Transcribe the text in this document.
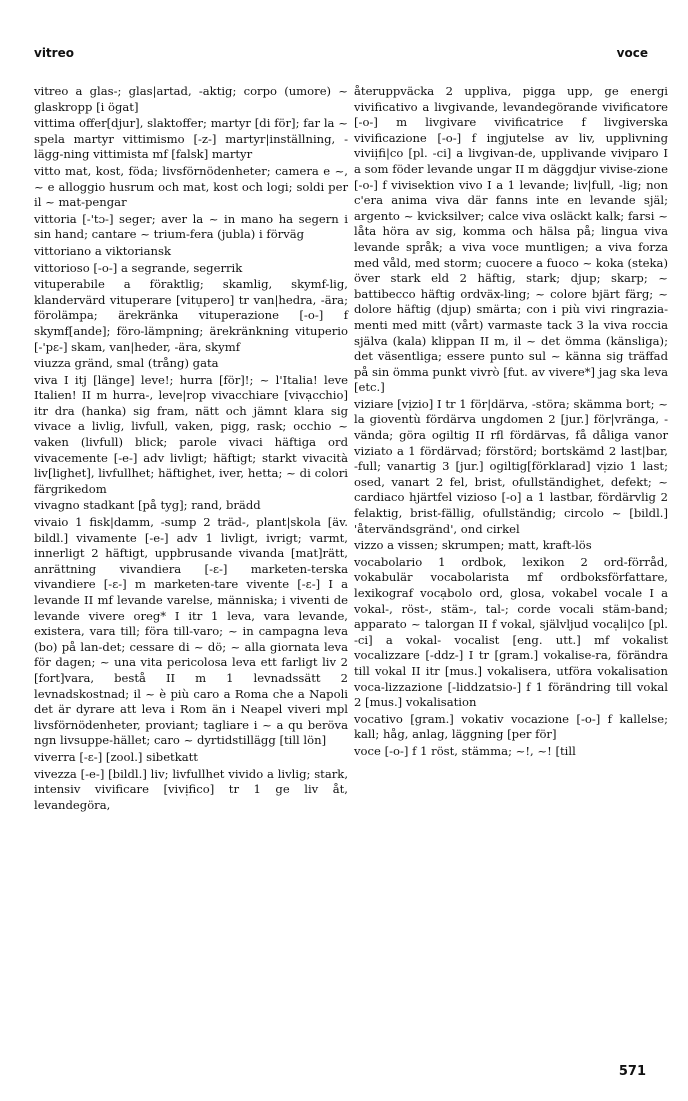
vitreo	voce

vitreo a glas-; glas|artad, -aktig; corpo (umore) ~ glaskropp [i ögat]

vittima offer[djur], slaktoffer; martyr [di för]; far la ~ spela martyr vittimismo [-z-] martyr|inställning, -lägg-ning vittimista mf [falsk] martyr

vitto mat, kost, föda; livsförnödenheter; camera e ~, ~ e alloggio husrum och mat, kost och logi; soldi per il ~ mat-pengar

vittoria [-'tɔ-] seger; aver la ~ in mano ha segern i sin hand; cantare ~ trium-fera (jubla) i förväg

vittoriano a viktoriansk

vittorioso [-o-] a segrande, segerrik

vituperabile a föraktlig; skamlig, skymf-lig, klandervärd vituperare [vitụpero] tr van|hedra, -ära; förolämpa; ärekränka vituperazione [-o-] f skymf[ande]; föro-lämpning; ärekränkning vituperio [-'pɛ-] skam, van|heder, -ära, skymf

viuzza gränd, smal (trång) gata

viva I itj [länge] leve!; hurra [för]!; ~ l'Italia! leve Italien! II m hurra-, leve|rop vivacchiare [vivạcchio] itr dra (hanka) sig fram, nätt och jämnt klara sig vivace a livlig, livfull, vaken, pigg, rask; occhio ~ vaken (livfull) blick; parole vivaci häftiga ord vivacemente [-e-] adv livligt; häftigt; starkt vivacità liv[lighet], livfullhet; häftighet, iver, hetta; ~ di colori färgrikedom

vivagno stadkant [på tyg]; rand, brädd

vivaio 1 fisk|damm, -sump 2 träd-, plant|skola [äv. bildl.] vivamente [-e-] adv 1 livligt, ivrigt; varmt, innerligt 2 häftigt, uppbrusande vivanda [mat]rätt, anrättning vivandiera [-ɛ-] marketen-terska vivandiere [-ɛ-] m marketen-tare vivente [-ɛ-] I a levande II mf levande varelse, människa; i viventi de levande vivere oreg* I itr 1 leva, vara levande, existera, vara till; föra till-varo; ~ in campagna leva (bo) på lan-det; cessare di ~ dö; ~ alla giornata leva för dagen; ~ una vita pericolosa leva ett farligt liv 2 [fort]vara, bestå II m 1 levnadssätt 2 levnadskostnad; il ~ è più caro a Roma che a Napoli det är dyrare att leva i Rom än i Neapel viveri mpl livsförnödenheter, proviant; tagliare i ~ a qu beröva ngn livsuppe-hället; caro ~ dyrtidstillägg [till lön]

viverra [-ɛ-] [zool.] sibetkatt

vivezza [-e-] [bildl.] liv; livfullhet vivido a livlig; stark, intensiv vivificare [vivịfico] tr 1 ge liv åt, levandegöra,

återuppväcka 2 uppliva, pigga upp, ge energi vivificativo a livgivande, levandegörande vivificatore [-o-] m livgivare vivificatrice f livgiverska vivificazione [-o-] f ingjutelse av liv, upplivning viviịfi|co [pl. -ci] a livgivan-de, upplivande vivịparo I a som föder levande ungar II m däggdjur vivise-zione [-o-] f vivisektion vivo I a 1 levande; liv|full, -lig; non c'era anima viva där fanns inte en levande själ; argento ~ kvicksilver; calce viva osläckt kalk; farsi ~ låta höra av sig, komma och hälsa på; lingua viva levande språk; a viva voce muntligen; a viva forza med våld, med storm; cuocere a fuoco ~ koka (steka) över stark eld 2 häftig, stark; djup; skarp; ~ battibecco häftig ordväx-ling; ~ colore bjärt färg; ~ dolore häftig (djup) smärta; con i più vivi ringrazia-menti med mitt (vårt) varmaste tack 3 la viva roccia själva (kala) klippan II m, il ~ det ömma (känsliga); det väsentliga; essere punto sul ~ känna sig träffad på sin ömma punkt vivrò [fut. av vivere*] jag ska leva [etc.]

viziare [vịzio] I tr 1 för|därva, -störa; skämma bort; ~ la gioventù fördärva ungdomen 2 [jur.] för|vränga, -vända; göra ogiltig II rfl fördärvas, få dåliga vanor viziato a 1 fördärvad; förstörd; bortskämd 2 last|bar, -full; vanartig 3 [jur.] ogiltig[förklarad] vịzio 1 last; osed, vanart 2 fel, brist, ofullständighet, defekt; ~ cardiaco hjärtfel vizioso [-o] a 1 lastbar, fördärvlig 2 felaktig, brist-fällig, ofullständig; circolo ~ [bildl.] 'återvändsgränd', ond cirkel

vizzo a vissen; skrumpen; matt, kraft-lös

vocabolario 1 ordbok, lexikon 2 ord-förråd, vokabulär vocabolarista mf ordboksförfattare, lexikograf vocạbolo ord, glosa, vokabel vocale I a vokal-, röst-, stäm-, tal-; corde vocali stäm-band; apparato ~ talorgan II f vokal, självljud vocạli|co [pl. -ci] a vokal- vocalist [eng. utt.] mf vokalist vocalizzare [-ddz-] I tr [gram.] vokalise-ra, förändra till vokal II itr [mus.] vokalisera, utföra vokalisation voca-lizzazione [-liddzatsio-] f 1 förändring till vokal 2 [mus.] vokalisation

vocativo [gram.] vokativ vocazione [-o-] f kallelse; kall; håg, anlag, läggning [per för]

voce [-o-] f 1 röst, stämma; ~!, ~! [till

571
